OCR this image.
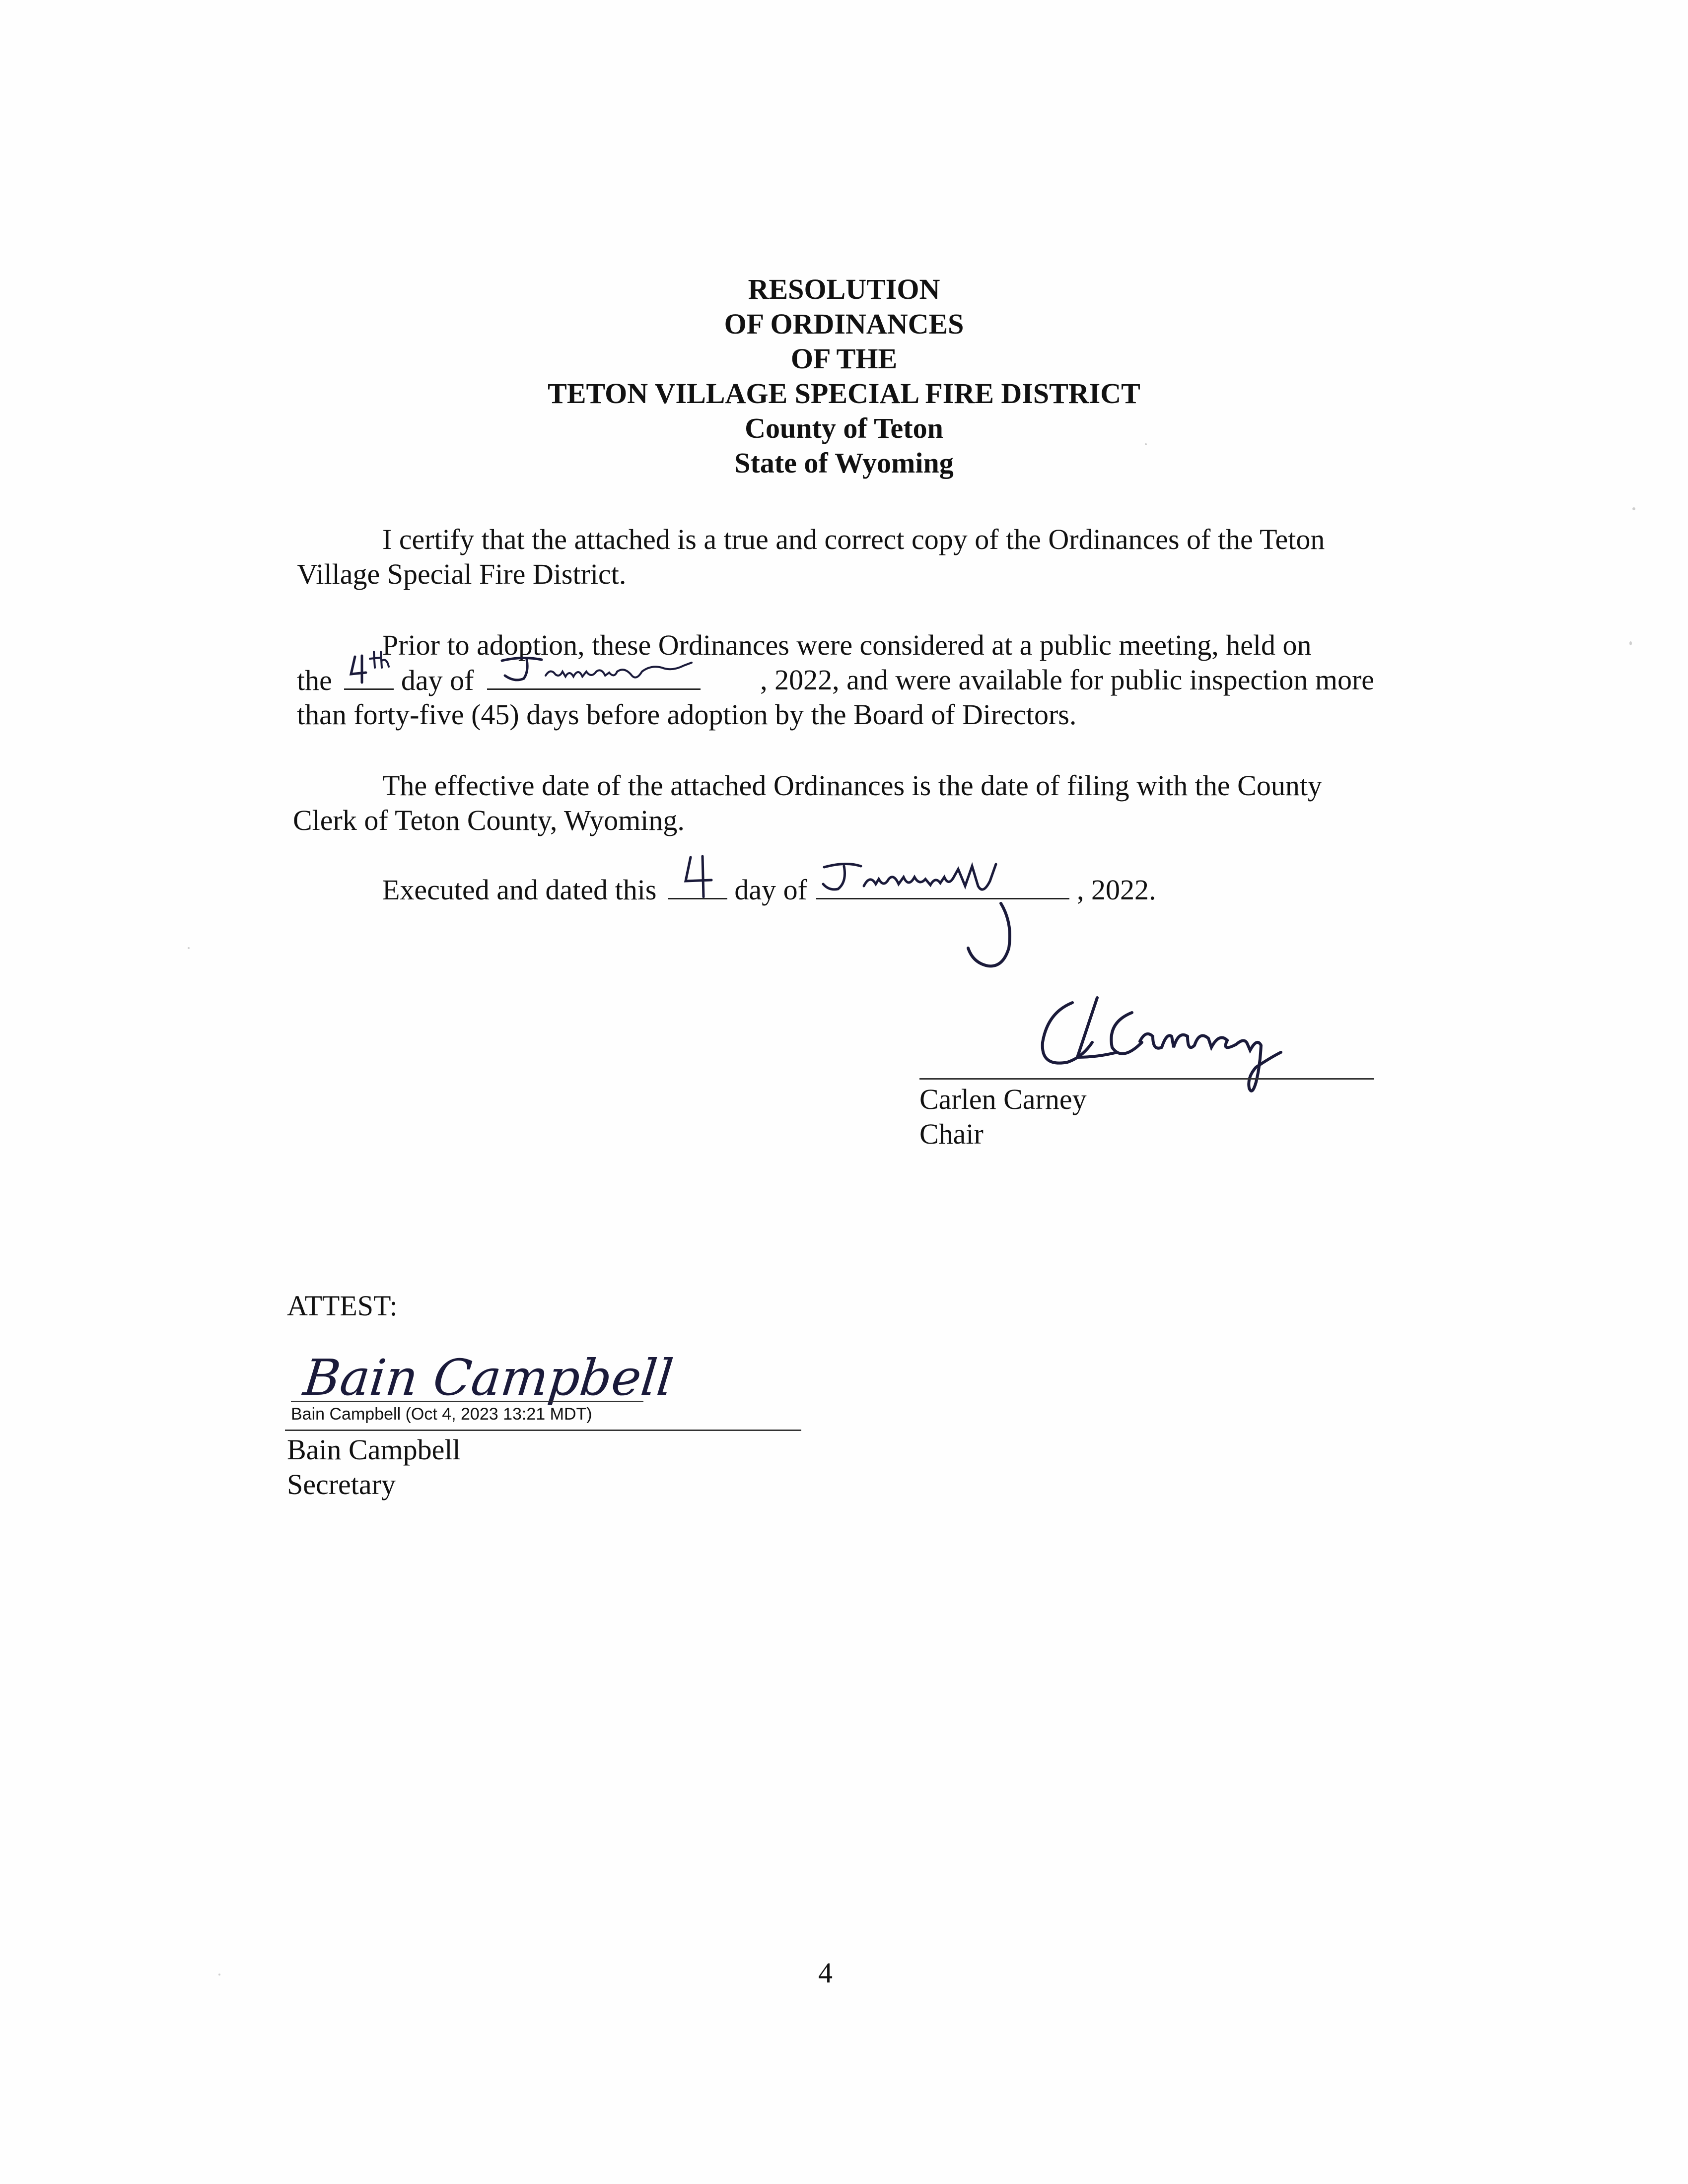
RESOLUTION
OF ORDINANCES
OF THE
TETON VILLAGE SPECIAL FIRE DISTRICT
County of Teton
State of Wyoming
I certify that the attached is a true and correct copy of the Ordinances of the Teton
Village Special Fire District.
Prior to adoption, these Ordinances were considered at a public meeting, held on
the day of	, 2022, and were available for public inspection more
than forty-five (45) days before adoption by the Board of Directors.
The effective date of the attached Ordinances is the date of filing with the County
Clerk of Teton County, Wyoming.
Executed and dated this	day of	, 2022.
Carlen Carney
Chair
ATTEST:
Bain Campbell
Bain Campbell (Oct 4, 2023 13:21 MDT)
Bain Campbell
Secretary
4
